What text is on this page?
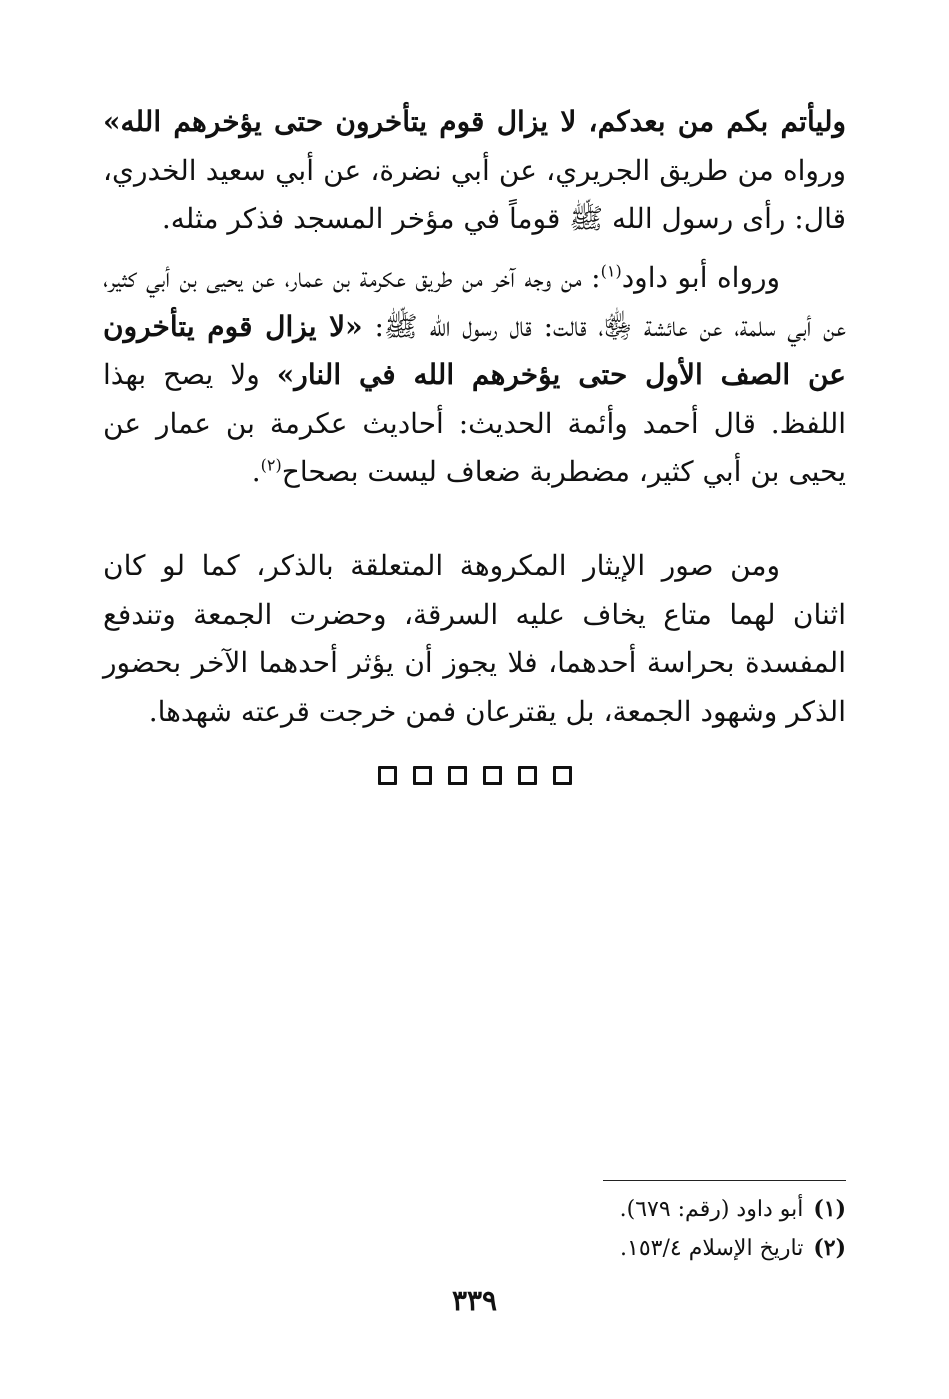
وليأتم بكم من بعدكم، لا يزال قوم يتأخرون حتى يؤخرهم الله» ورواه من طريق الجريري، عن أبي نضرة، عن أبي سعيد الخدري، قال: رأى رسول الله ﷺ قوماً في مؤخر المسجد فذكر مثله.

ورواه أبو داود$^{(١)}$: من وجه آخر من طريق عكرمة بن عمار، عن يحيى بن أبي كثير، عن أبي سلمة، عن عائشة ﵂، قالت: قال رسول الله ﷺ: «لا يزال قوم يتأخرون عن الصف الأول حتى يؤخرهم الله في النار» ولا يصح بهذا اللفظ. قال أحمد وأئمة الحديث: أحاديث عكرمة بن عمار عن يحيى بن أبي كثير، مضطربة ضعاف ليست بصحاح$^{(٢)}$.

ومن صور الإيثار المكروهة المتعلقة بالذكر، كما لو كان اثنان لهما متاع يخاف عليه السرقة، وحضرت الجمعة وتندفع المفسدة بحراسة أحدهما، فلا يجوز أن يؤثر أحدهما الآخر بحضور الذكر وشهود الجمعة، بل يقترعان فمن خرجت قرعته شهدها.

(١)أبو داود (رقم: ٦٧٩).
(٢)تاريخ الإسلام ١٥٣/٤.
٣٣٩
